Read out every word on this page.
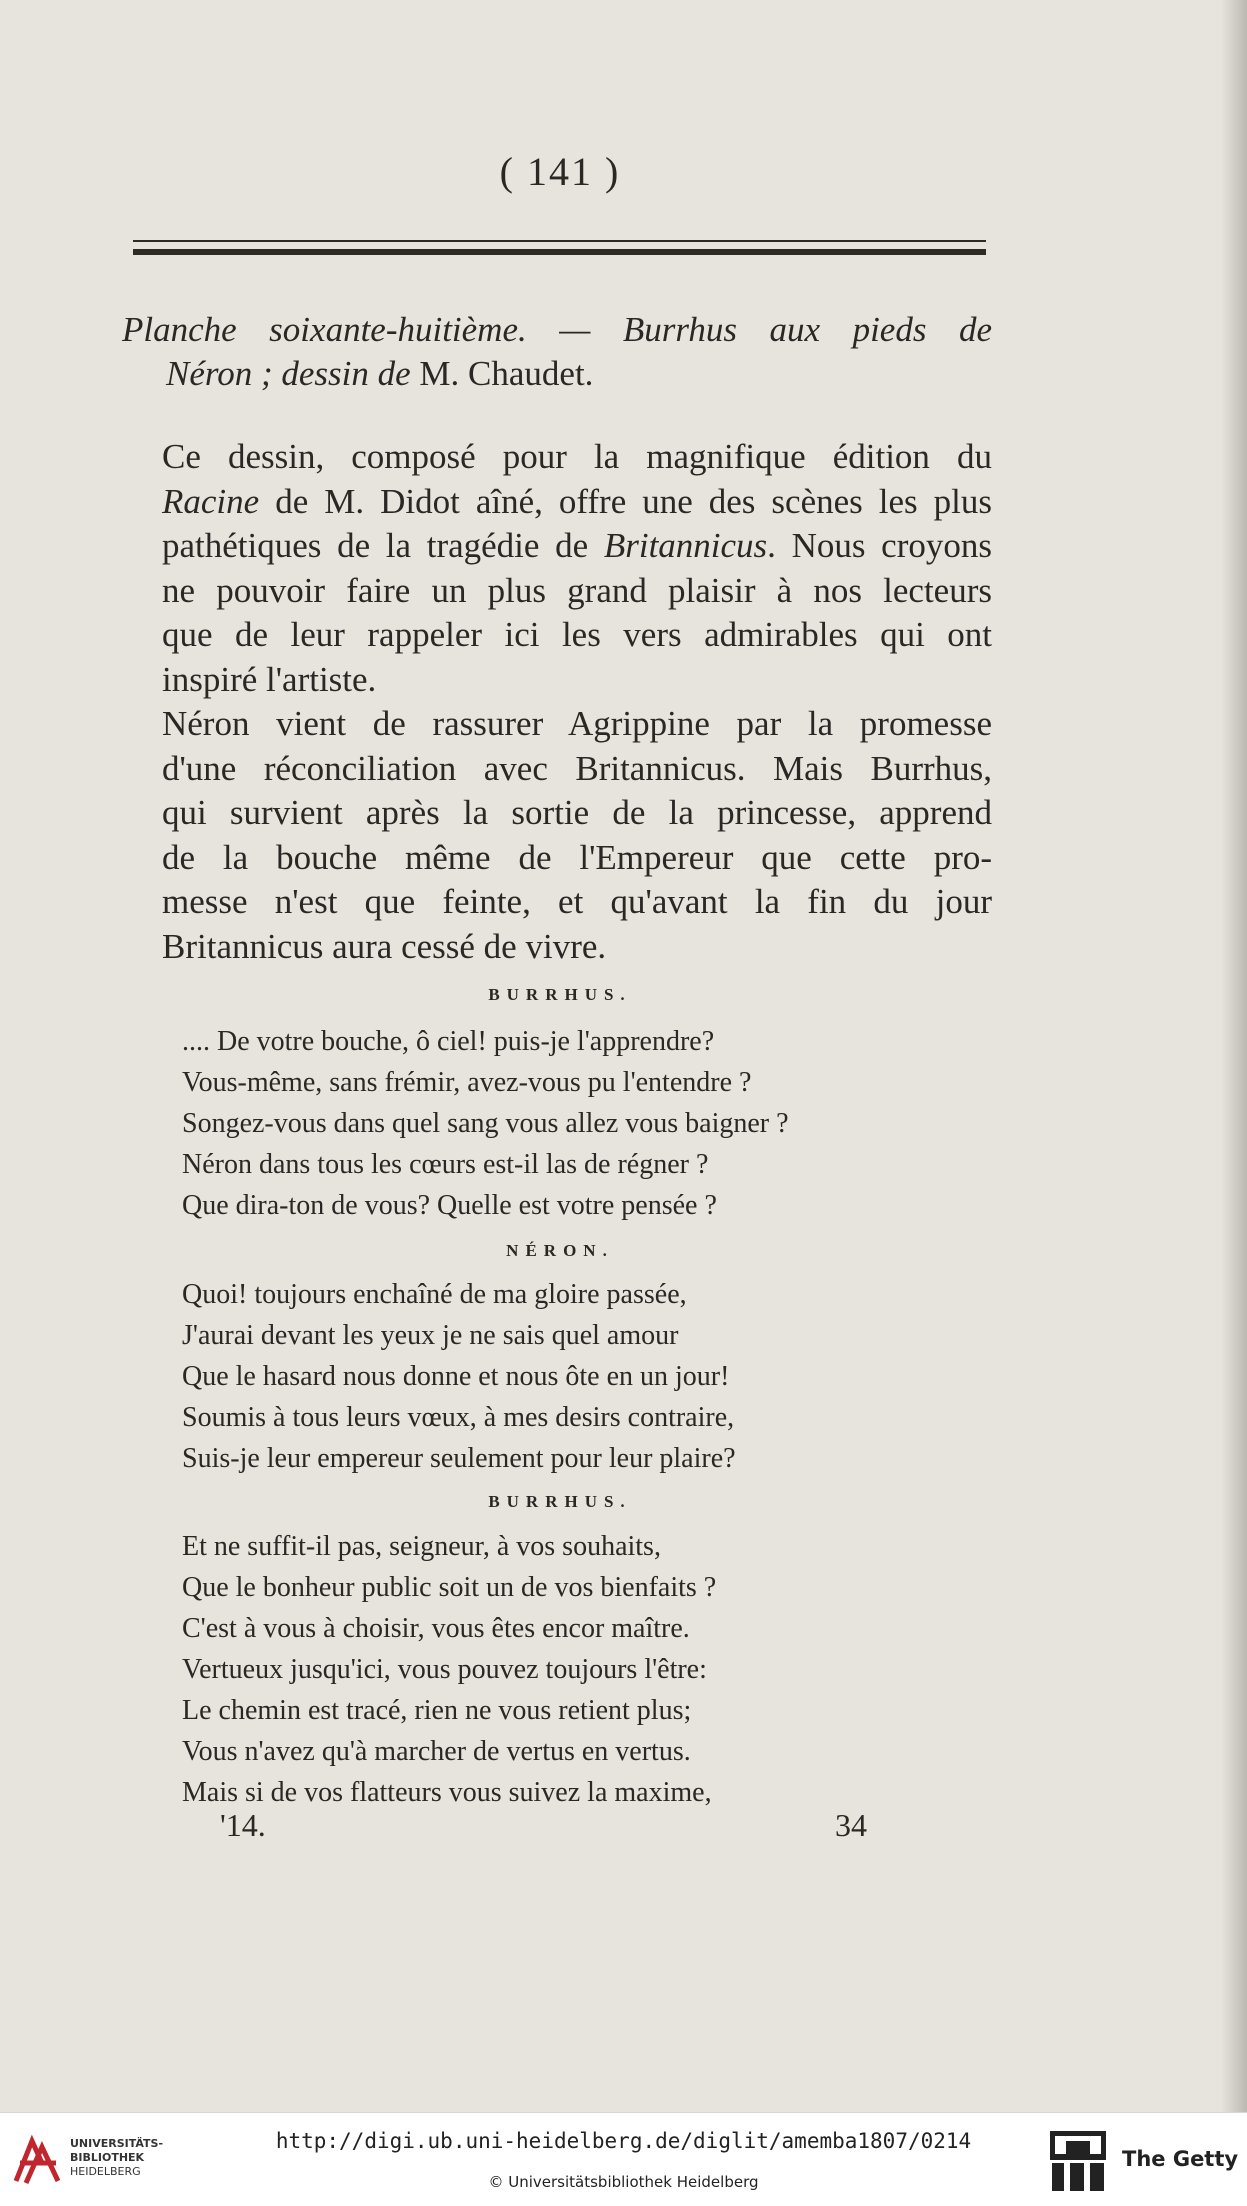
( 141 )
Planche soixante-huitième. — Burrhus aux pieds de
Néron ; dessin de M. Chaudet.

Ce dessin, composé pour la magnifique édition du
Racine de M. Didot aîné, offre une des scènes les plus
pathétiques de la tragédie de Britannicus. Nous croyons
ne pouvoir faire un plus grand plaisir à nos lecteurs
que de leur rappeler ici les vers admirables qui ont
inspiré l'artiste.

Néron vient de rassurer Agrippine par la promesse
d'une réconciliation avec Britannicus. Mais Burrhus,
qui survient après la sortie de la princesse, apprend
de la bouche même de l'Empereur que cette pro-
messe n'est que feinte, et qu'avant la fin du jour
Britannicus aura cessé de vivre.

BURRHUS.
.... De votre bouche, ô ciel! puis-je l'apprendre?
Vous-même, sans frémir, avez-vous pu l'entendre ?
Songez-vous dans quel sang vous allez vous baigner ?
Néron dans tous les cœurs est-il las de régner ?
Que dira-ton de vous? Quelle est votre pensée ?
NÉRON.
Quoi! toujours enchaîné de ma gloire passée,
J'aurai devant les yeux je ne sais quel amour
Que le hasard nous donne et nous ôte en un jour!
Soumis à tous leurs vœux, à mes desirs contraire,
Suis-je leur empereur seulement pour leur plaire?
BURRHUS.
Et ne suffit-il pas, seigneur, à vos souhaits,
Que le bonheur public soit un de vos bienfaits ?
C'est à vous à choisir, vous êtes encor maître.
Vertueux jusqu'ici, vous pouvez toujours l'être:
Le chemin est tracé, rien ne vous retient plus;
Vous n'avez qu'à marcher de vertus en vertus.
Mais si de vos flatteurs vous suivez la maxime,
'14.	34
UNIVERSITÄTS-
BIBLIOTHEK
HEIDELBERG
http://digi.ub.uni-heidelberg.de/diglit/amemba1807/0214
© Universitätsbibliothek Heidelberg
The Getty
